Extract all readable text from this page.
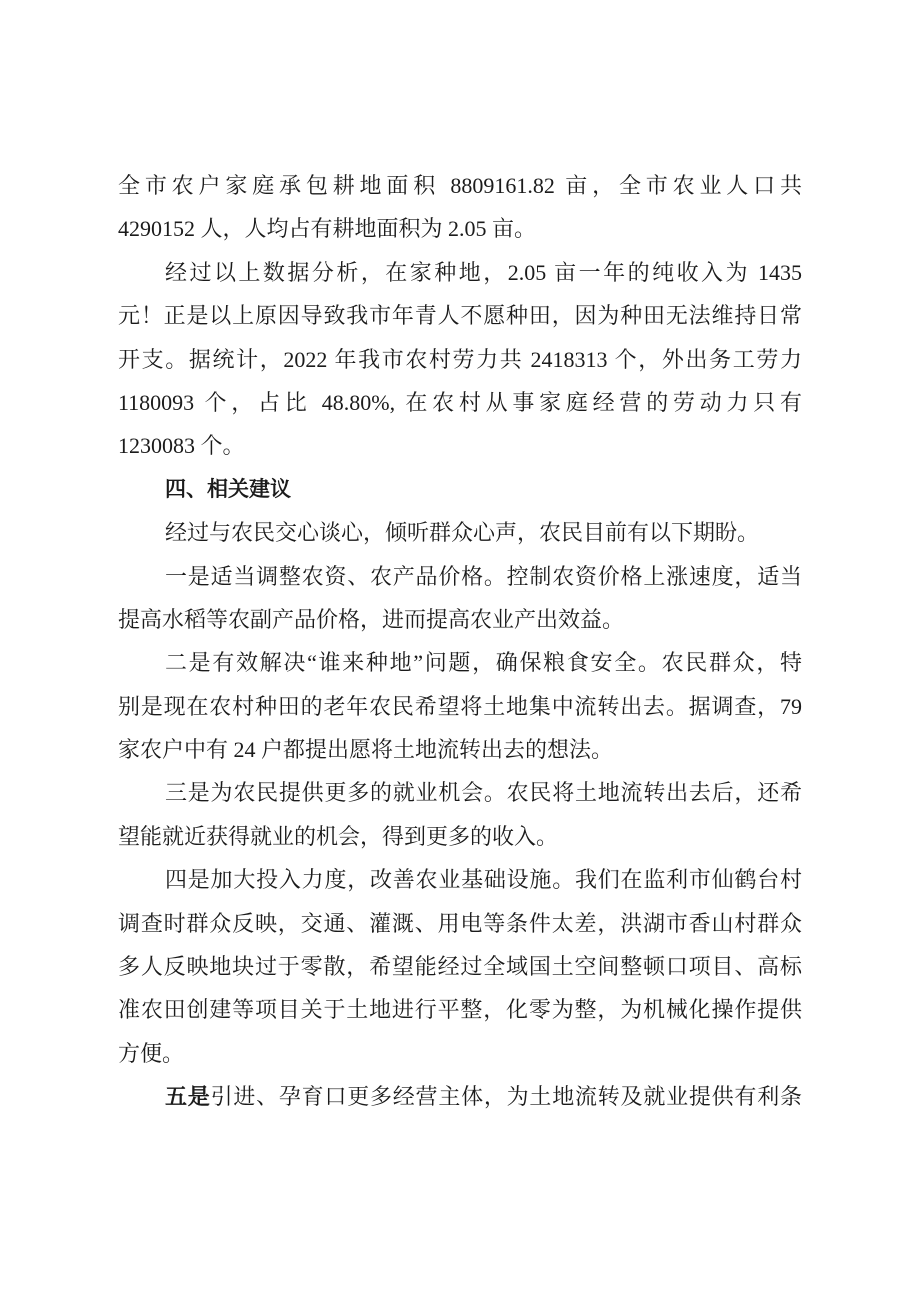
全市农户家庭承包耕地面积 8809161.82 亩，全市农业人口共
4290152 人，人均占有耕地面积为 2.05 亩。
经过以上数据分析，在家种地，2.05 亩一年的纯收入为 1435
元！正是以上原因导致我市年青人不愿种田，因为种田无法维持日常
开支。据统计，2022 年我市农村劳力共 2418313 个，外出务工劳力
1180093 个，占比 48.80%, 在农村从事家庭经营的劳动力只有
1230083 个。
四、相关建议
经过与农民交心谈心，倾听群众心声，农民目前有以下期盼。
一是适当调整农资、农产品价格。控制农资价格上涨速度，适当
提高水稻等农副产品价格，进而提高农业产出效益。
二是有效解决“谁来种地”问题，确保粮食安全。农民群众，特
别是现在农村种田的老年农民希望将土地集中流转出去。据调查，79
家农户中有 24 户都提出愿将土地流转出去的想法。
三是为农民提供更多的就业机会。农民将土地流转出去后，还希
望能就近获得就业的机会，得到更多的收入。
四是加大投入力度，改善农业基础设施。我们在监利市仙鹤台村
调查时群众反映，交通、灌溉、用电等条件太差，洪湖市香山村群众
多人反映地块过于零散，希望能经过全域国土空间整顿口项目、高标
准农田创建等项目关于土地进行平整，化零为整，为机械化操作提供
方便。
五是引进、孕育口更多经营主体，为土地流转及就业提供有利条
